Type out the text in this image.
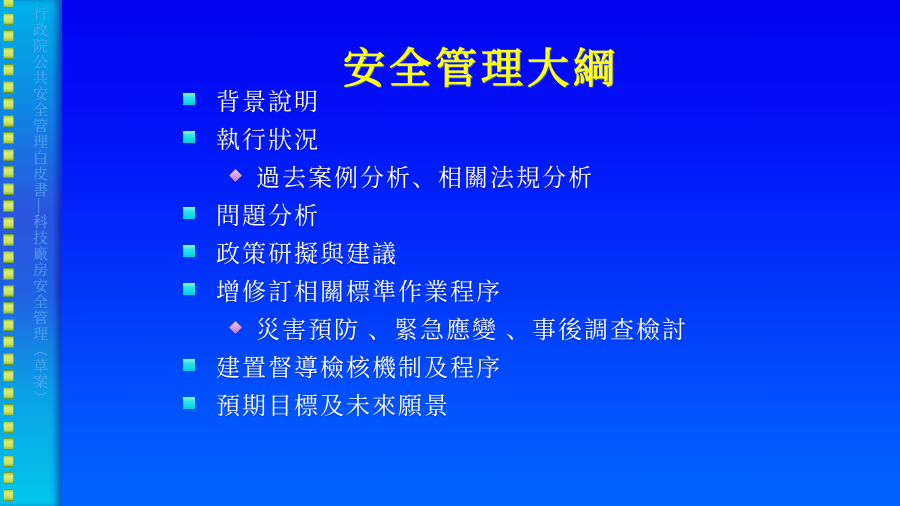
行政院公共安全管理白皮書—科技廠房安全管理（草案）	安全管理大綱
背景說明
執行狀況
過去案例分析、相關法規分析
問題分析
政策研擬與建議
增修訂相關標準作業程序
災害預防 、緊急應變 、事後調查檢討
建置督導檢核機制及程序
預期目標及未來願景
